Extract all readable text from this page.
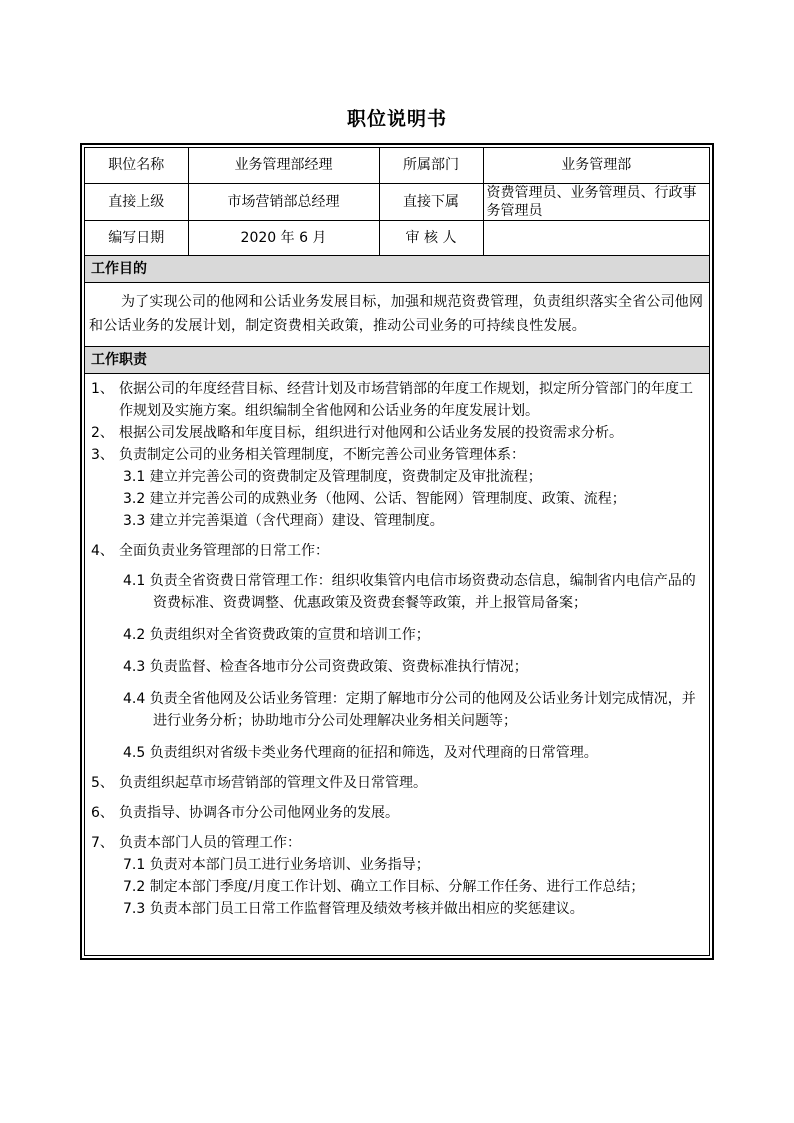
职位说明书
职位名称	业务管理部经理	所属部门	业务管理部
直接上级	市场营销部总经理	直接下属	资费管理员、业务管理员、行政事务管理员
编写日期	2020 年 6 月	审 核 人	
工作目的
为了实现公司的他网和公话业务发展目标，加强和规范资费管理，负责组织落实全省公司他网和公话业务的发展计划，制定资费相关政策，推动公司业务的可持续良性发展。
工作职责

1、 依据公司的年度经营目标、经营计划及市场营销部的年度工作规划，拟定所分管部门的年度工作规划及实施方案。组织编制全省他网和公话业务的年度发展计划。

2、 根据公司发展战略和年度目标，组织进行对他网和公话业务发展的投资需求分析。

3、 负责制定公司的业务相关管理制度，不断完善公司业务管理体系：

3.1 建立并完善公司的资费制定及管理制度，资费制定及审批流程；

3.2 建立并完善公司的成熟业务（他网、公话、智能网）管理制度、政策、流程；

3.3 建立并完善渠道（含代理商）建设、管理制度。

4、 全面负责业务管理部的日常工作：

4.1 负责全省资费日常管理工作：组织收集管内电信市场资费动态信息，编制省内电信产品的资费标准、资费调整、优惠政策及资费套餐等政策，并上报管局备案；

4.2 负责组织对全省资费政策的宣贯和培训工作；

4.3 负责监督、检查各地市分公司资费政策、资费标准执行情况；

4.4 负责全省他网及公话业务管理：定期了解地市分公司的他网及公话业务计划完成情况，并进行业务分析；协助地市分公司处理解决业务相关问题等；

4.5 负责组织对省级卡类业务代理商的征招和筛选，及对代理商的日常管理。

5、 负责组织起草市场营销部的管理文件及日常管理。

6、 负责指导、协调各市分公司他网业务的发展。

7、 负责本部门人员的管理工作：

7.1 负责对本部门员工进行业务培训、业务指导；

7.2 制定本部门季度/月度工作计划、确立工作目标、分解工作任务、进行工作总结；

7.3 负责本部门员工日常工作监督管理及绩效考核并做出相应的奖惩建议。
